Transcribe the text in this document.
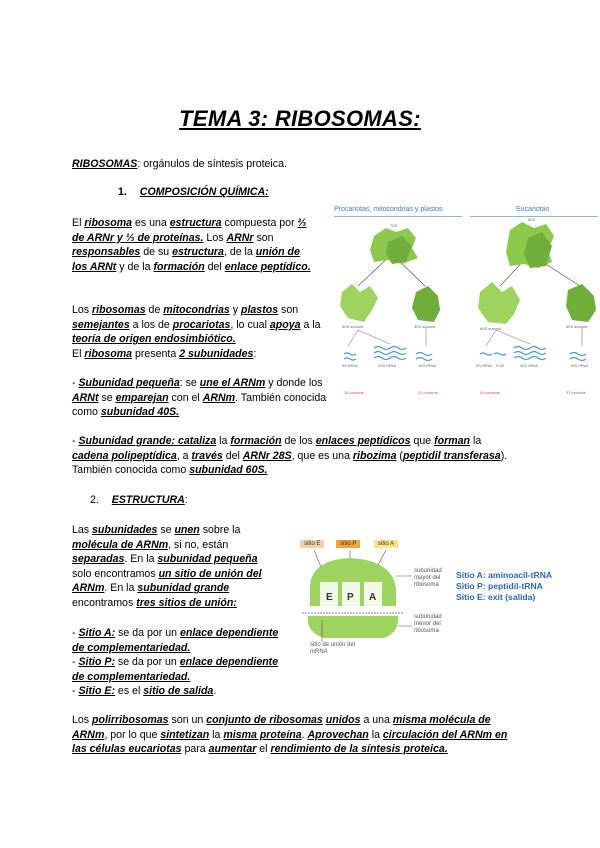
TEMA 3: RIBOSOMAS:
RIBOSOMAS: orgánulos de síntesis proteica.
1. COMPOSICIÓN QUÍMICA:
El ribosoma es una estructura compuesta por ⅔ de ARNr y ⅓ de proteínas. Los ARNr son responsables de su estructura, de la unión de los ARNt y de la formación del enlace peptídico.
Los ribosomas de mitocondrias y plastos son semejantes a los de procariotas, lo cual apoya a la teoría de origen endosimbiótico.
El ribosoma presenta 2 subunidades:
- Subunidad pequeña: se une el ARNm y donde los ARNt se emparejan con el ARNm. También conocida como subunidad 40S.
- Subunidad grande: cataliza la formación de los enlaces peptídicos que forman la cadena polipeptídica, a través del ARNr 28S, que es una ribozima (peptidil transferasa). También conocida como subunidad 60S.
2. ESTRUCTURA:
Las subunidades se unen sobre la molécula de ARNm, si no, están separadas. En la subunidad pequeña solo encontramos un sitio de unión del ARNm. En la subunidad grande encontramos tres sitios de unión:
- Sitio A: se da por un enlace dependiente de complementariedad.
- Sitio P: se da por un enlace dependiente de complementariedad.
- Sitio E: es el sitio de salida.
Los polirribosomas son un conjunto de ribosomas unidos a una misma molécula de ARNm, por lo que sintetizan la misma proteína. Aprovechan la circulación del ARNm en las células eucariotas para aumentar el rendimiento de la síntesis proteica.
Procariotas, mitocondrias y plastos	Eucariotas
70S
80S
50S subunit	30S subunit	60S subunit	40S subunit
5S rRNA	23S rRNA	16S rRNA	5S rRNA 5.8S	28S rRNA	18S rRNA
34 proteins	21 proteins	49 proteins	33 proteins
sitio E	sitio P	sitio A
E P A
subunidad mayor del ribosoma
subunidad menor del ribosoma
sitio de unión del mRNA
Sitio A: aminoacil-tRNA
Sitio P: peptidil-tRNA
Sitio E: exit (salida)
